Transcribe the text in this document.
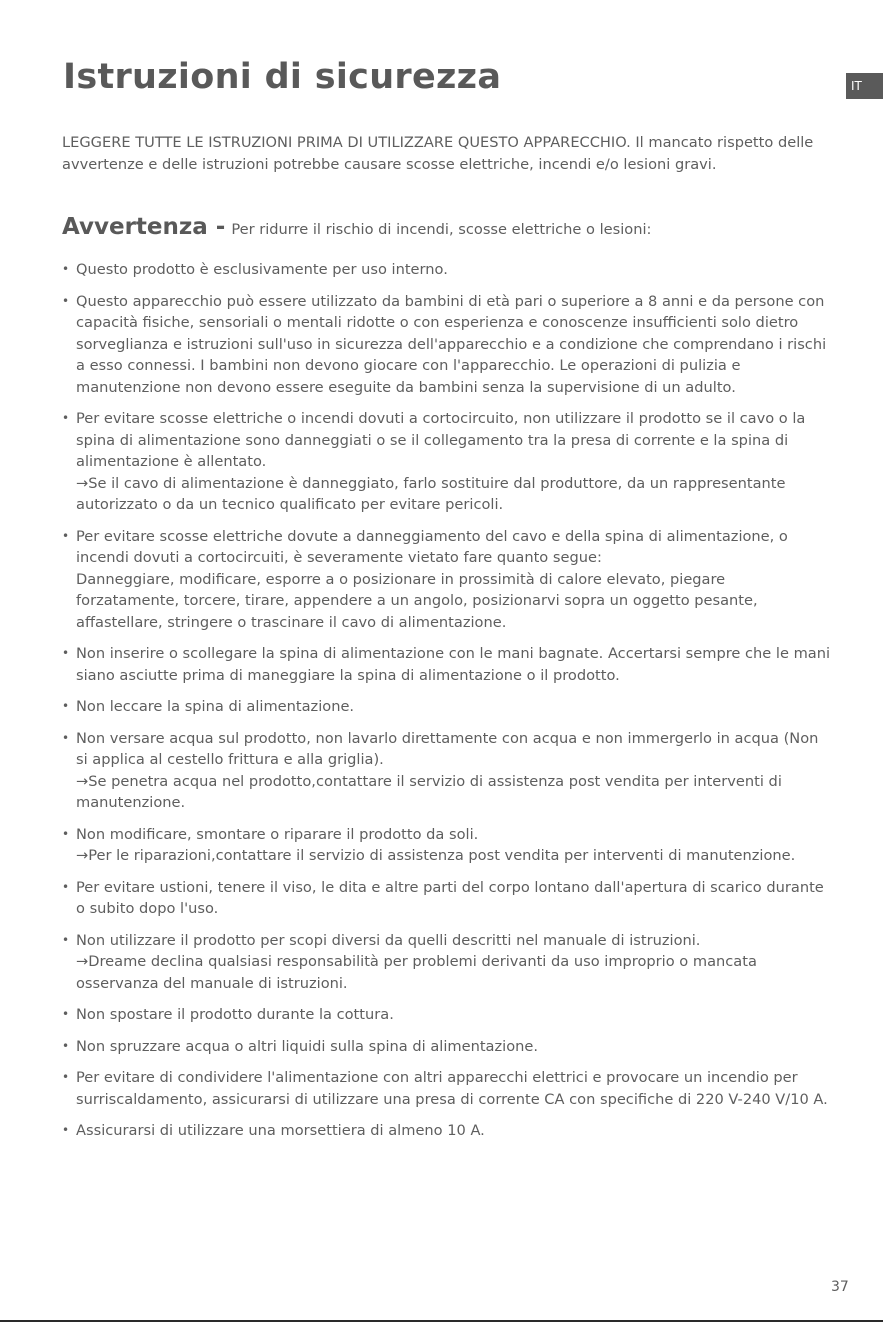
Istruzioni di sicurezza	IT

LEGGERE TUTTE LE ISTRUZIONI PRIMA DI UTILIZZARE QUESTO APPARECCHIO. Il mancato rispetto delle avvertenze e delle istruzioni potrebbe causare scosse elettriche, incendi e/o lesioni gravi.

Avvertenza - Per ridurre il rischio di incendi, scosse elettriche o lesioni:

• Questo prodotto è esclusivamente per uso interno.
• Questo apparecchio può essere utilizzato da bambini di età pari o superiore a 8 anni e da persone con capacità fisiche, sensoriali o mentali ridotte o con esperienza e conoscenze insufficienti solo dietro sorveglianza e istruzioni sull'uso in sicurezza dell'apparecchio e a condizione che comprendano i rischi a esso connessi. I bambini non devono giocare con l'apparecchio. Le operazioni di pulizia e manutenzione non devono essere eseguite da bambini senza la supervisione di un adulto.
• Per evitare scosse elettriche o incendi dovuti a cortocircuito, non utilizzare il prodotto se il cavo o la spina di alimentazione sono danneggiati o se il collegamento tra la presa di corrente e la spina di alimentazione è allentato.
→Se il cavo di alimentazione è danneggiato, farlo sostituire dal produttore, da un rappresentante autorizzato o da un tecnico qualificato per evitare pericoli.
• Per evitare scosse elettriche dovute a danneggiamento del cavo e della spina di alimentazione, o incendi dovuti a cortocircuiti, è severamente vietato fare quanto segue:
Danneggiare, modificare, esporre a o posizionare in prossimità di calore elevato, piegare forzatamente, torcere, tirare, appendere a un angolo, posizionarvi sopra un oggetto pesante, affastellare, stringere o trascinare il cavo di alimentazione.
• Non inserire o scollegare la spina di alimentazione con le mani bagnate. Accertarsi sempre che le mani siano asciutte prima di maneggiare la spina di alimentazione o il prodotto.
• Non leccare la spina di alimentazione.
• Non versare acqua sul prodotto, non lavarlo direttamente con acqua e non immergerlo in acqua (Non si applica al cestello frittura e alla griglia).
→Se penetra acqua nel prodotto,contattare il servizio di assistenza post vendita per interventi di manutenzione.
• Non modificare, smontare o riparare il prodotto da soli.
→Per le riparazioni,contattare il servizio di assistenza post vendita per interventi di manutenzione.
• Per evitare ustioni, tenere il viso, le dita e altre parti del corpo lontano dall'apertura di scarico durante o subito dopo l'uso.
• Non utilizzare il prodotto per scopi diversi da quelli descritti nel manuale di istruzioni.
→Dreame declina qualsiasi responsabilità per problemi derivanti da uso improprio o mancata osservanza del manuale di istruzioni.
• Non spostare il prodotto durante la cottura.
• Non spruzzare acqua o altri liquidi sulla spina di alimentazione.
• Per evitare di condividere l'alimentazione con altri apparecchi elettrici e provocare un incendio per surriscaldamento, assicurarsi di utilizzare una presa di corrente CA con specifiche di 220 V-240 V/10 A.
• Assicurarsi di utilizzare una morsettiera di almeno 10 A.
37
